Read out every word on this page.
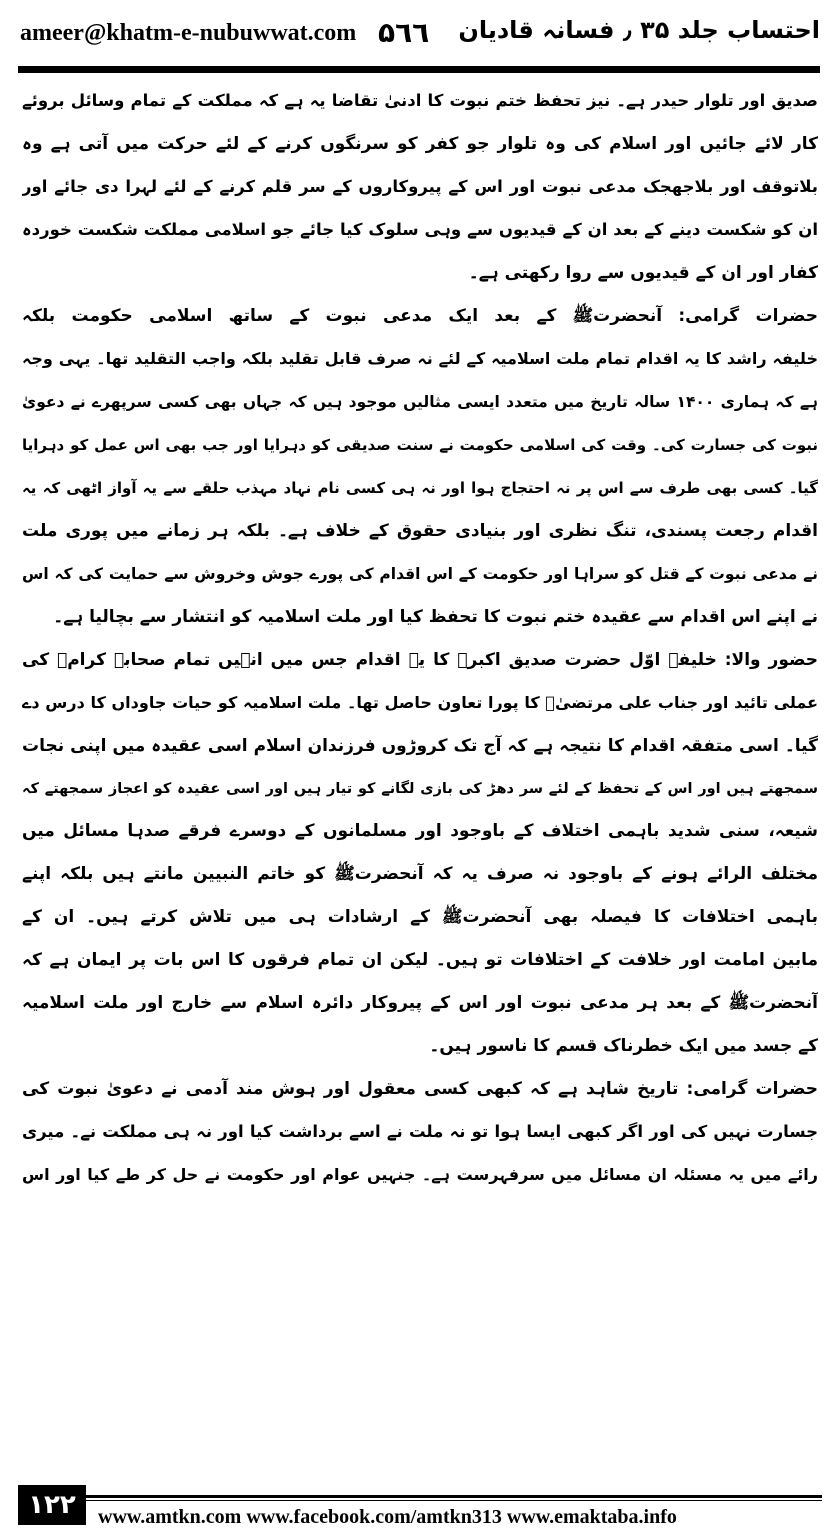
ameer@khatm-e-nubuwwat.com ۵٦٦ احتساب جلد ۳۵ ٫ فسانہ قادیان
صدیق اور تلوار حیدر ہے۔ نیز تحفظ ختم نبوت کا ادنیٰ تقاضا یہ ہے کہ مملکت کے تمام وسائل بروئے
کار لائے جائیں اور اسلام کی وہ تلوار جو کفر کو سرنگوں کرنے کے لئے حرکت میں آتی ہے وہ
بلاتوقف اور بلاجھجک مدعی نبوت اور اس کے پیروکاروں کے سر قلم کرنے کے لئے لہرا دی جائے اور
ان کو شکست دینے کے بعد ان کے قیدیوں سے وہی سلوک کیا جائے جو اسلامی مملکت شکست خوردہ
کفار اور ان کے قیدیوں سے روا رکھتی ہے۔
حضرات گرامی: آنحضرتﷺ کے بعد ایک مدعی نبوت کے ساتھ اسلامی حکومت بلکہ
خلیفہ راشد کا یہ اقدام تمام ملت اسلامیہ کے لئے نہ صرف قابل تقلید بلکہ واجب التقلید تھا۔ یہی وجہ
ہے کہ ہماری ۱۴۰۰ سالہ تاریخ میں متعدد ایسی مثالیں موجود ہیں کہ جہاں بھی کسی سرپھرے نے دعویٰ
نبوت کی جسارت کی۔ وقت کی اسلامی حکومت نے سنت صدیقی کو دہرایا اور جب بھی اس عمل کو دہرایا
گیا۔ کسی بھی طرف سے اس پر نہ احتجاج ہوا اور نہ ہی کسی نام نہاد مہذب حلقے سے یہ آواز اٹھی کہ یہ
اقدام رجعت پسندی، تنگ نظری اور بنیادی حقوق کے خلاف ہے۔ بلکہ ہر زمانے میں پوری ملت
نے مدعی نبوت کے قتل کو سراہا اور حکومت کے اس اقدام کی پورے جوش وخروش سے حمایت کی کہ اس
نے اپنے اس اقدام سے عقیدہ ختم نبوت کا تحفظ کیا اور ملت اسلامیہ کو انتشار سے بچالیا ہے۔
حضور والا: خلیفہ اوّل حضرت صدیق اکبرؓ کا یہ اقدام جس میں انہیں تمام صحابہ کرامؓ کی
عملی تائید اور جناب علی مرتضیٰؓ کا پورا تعاون حاصل تھا۔ ملت اسلامیہ کو حیات جاوداں کا درس دے
گیا۔ اسی متفقہ اقدام کا نتیجہ ہے کہ آج تک کروڑوں فرزندان اسلام اسی عقیدہ میں اپنی نجات
سمجھتے ہیں اور اس کے تحفظ کے لئے سر دھڑ کی بازی لگانے کو تیار ہیں اور اسی عقیدہ کو اعجاز سمجھتے کہ
شیعہ، سنی شدید باہمی اختلاف کے باوجود اور مسلمانوں کے دوسرے فرقے صدہا مسائل میں
مختلف الرائے ہونے کے باوجود نہ صرف یہ کہ آنحضرتﷺ کو خاتم النبیین مانتے ہیں بلکہ اپنے
باہمی اختلافات کا فیصلہ بھی آنحضرتﷺ کے ارشادات ہی میں تلاش کرتے ہیں۔ ان کے
مابین امامت اور خلافت کے اختلافات تو ہیں۔ لیکن ان تمام فرقوں کا اس بات پر ایمان ہے کہ
آنحضرتﷺ کے بعد ہر مدعی نبوت اور اس کے پیروکار دائرہ اسلام سے خارج اور ملت اسلامیہ
کے جسد میں ایک خطرناک قسم کا ناسور ہیں۔
حضرات گرامی: تاریخ شاہد ہے کہ کبھی کسی معقول اور ہوش مند آدمی نے دعویٰ نبوت کی
جسارت نہیں کی اور اگر کبھی ایسا ہوا تو نہ ملت نے اسے برداشت کیا اور نہ ہی مملکت نے۔ میری
رائے میں یہ مسئلہ ان مسائل میں سرفہرست ہے۔ جنہیں عوام اور حکومت نے حل کر طے کیا اور اس
۱۲۲	www.amtkn.com www.facebook.com/amtkn313 www.emaktaba.info
